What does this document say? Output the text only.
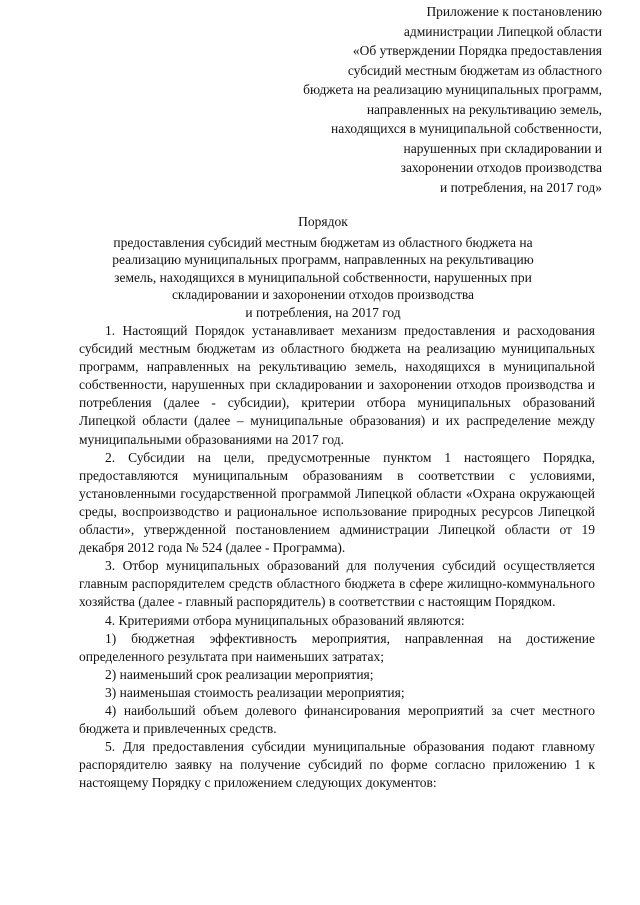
Приложение к постановлению
администрации Липецкой области
«Об утверждении Порядка предоставления
субсидий местным бюджетам из областного
бюджета на реализацию муниципальных программ,
направленных на рекультивацию земель,
находящихся в муниципальной собственности,
нарушенных при складировании и
захоронении отходов производства
и потребления, на 2017 год»
Порядок
предоставления субсидий местным бюджетам из областного бюджета на
реализацию муниципальных программ, направленных на рекультивацию
земель, находящихся в муниципальной собственности, нарушенных при
складировании и захоронении отходов производства
и потребления, на 2017 год

1. Настоящий Порядок устанавливает механизм предоставления и расходования субсидий местным бюджетам из областного бюджета на реализацию муниципальных программ, направленных на рекультивацию земель, находящихся в муниципальной собственности, нарушенных при складировании и захоронении отходов производства и потребления (далее - субсидии), критерии отбора муниципальных образований Липецкой области (далее – муниципальные образования) и их распределение между муниципальными образованиями на 2017 год.

2. Субсидии на цели, предусмотренные пунктом 1 настоящего Порядка, предоставляются муниципальным образованиям в соответствии с условиями, установленными государственной программой Липецкой области «Охрана окружающей среды, воспроизводство и рациональное использование природных ресурсов Липецкой области», утвержденной постановлением администрации Липецкой области от 19 декабря 2012 года № 524 (далее - Программа).

3. Отбор муниципальных образований для получения субсидий осуществляется главным распорядителем средств областного бюджета в сфере жилищно-коммунального хозяйства (далее - главный распорядитель) в соответствии с настоящим Порядком.

4. Критериями отбора муниципальных образований являются:

1) бюджетная эффективность мероприятия, направленная на достижение определенного результата при наименьших затратах;

2) наименьший срок реализации мероприятия;

3) наименьшая стоимость реализации мероприятия;

4) наибольший объем долевого финансирования мероприятий за счет местного бюджета и привлеченных средств.

5. Для предоставления субсидии муниципальные образования подают главному распорядителю заявку на получение субсидий по форме согласно приложению 1 к настоящему Порядку с приложением следующих документов:
